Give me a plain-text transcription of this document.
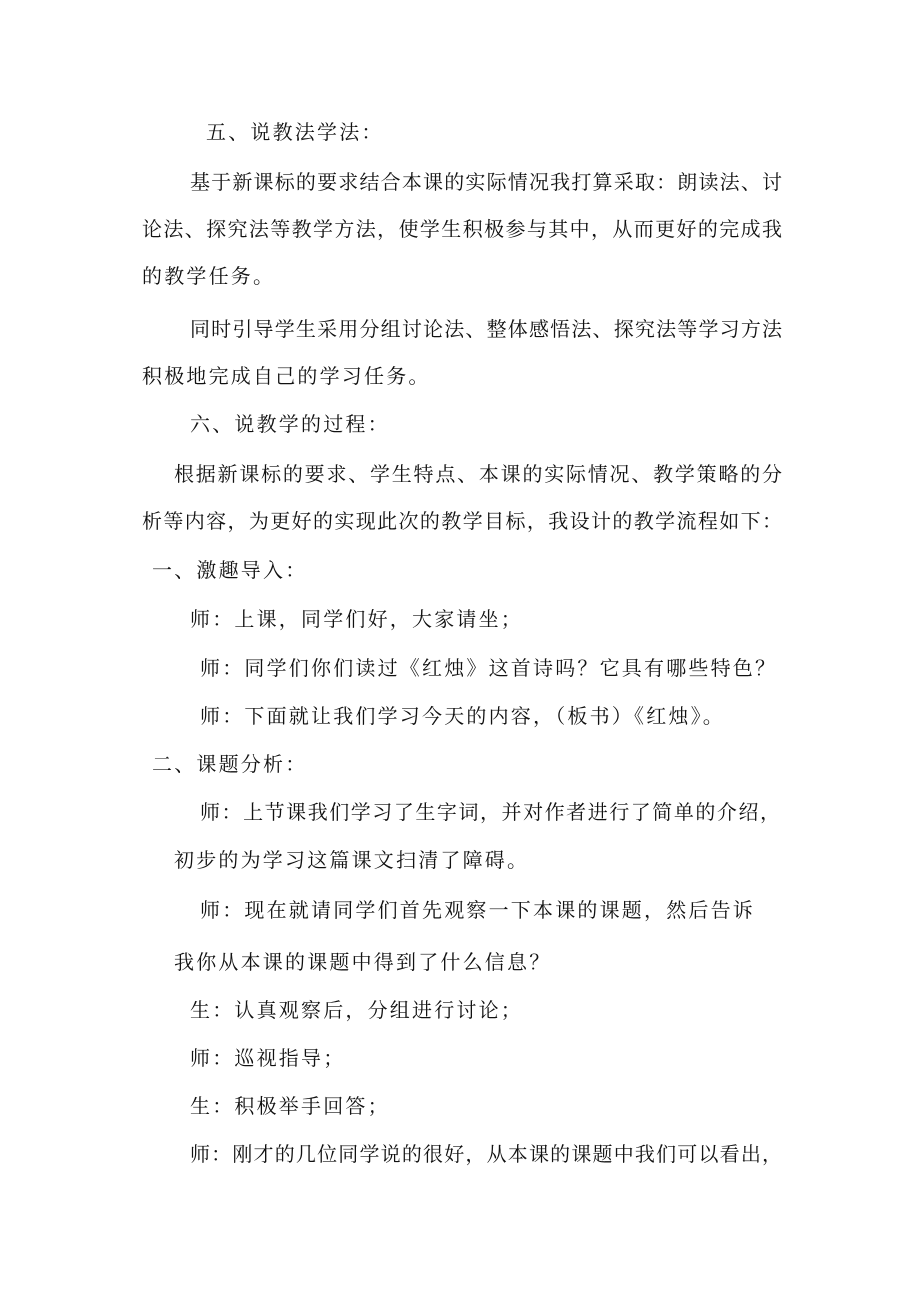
五、说教法学法：

基于新课标的要求结合本课的实际情况我打算采取：朗读法、讨

论法、探究法等教学方法，使学生积极参与其中，从而更好的完成我

的教学任务。

同时引导学生采用分组讨论法、整体感悟法、探究法等学习方法

积极地完成自己的学习任务。

六、说教学的过程：

根据新课标的要求、学生特点、本课的实际情况、教学策略的分

析等内容，为更好的实现此次的教学目标，我设计的教学流程如下：

一、激趣导入：

师：上课，同学们好，大家请坐；

师：同学们你们读过《红烛》这首诗吗？它具有哪些特色？

师：下面就让我们学习今天的内容，（板书）《红烛》。

二、课题分析：

师：上节课我们学习了生字词，并对作者进行了简单的介绍，

初步的为学习这篇课文扫清了障碍。

师：现在就请同学们首先观察一下本课的课题，然后告诉

我你从本课的课题中得到了什么信息？

生：认真观察后，分组进行讨论；

师：巡视指导；

生：积极举手回答；

师：刚才的几位同学说的很好，从本课的课题中我们可以看出，
